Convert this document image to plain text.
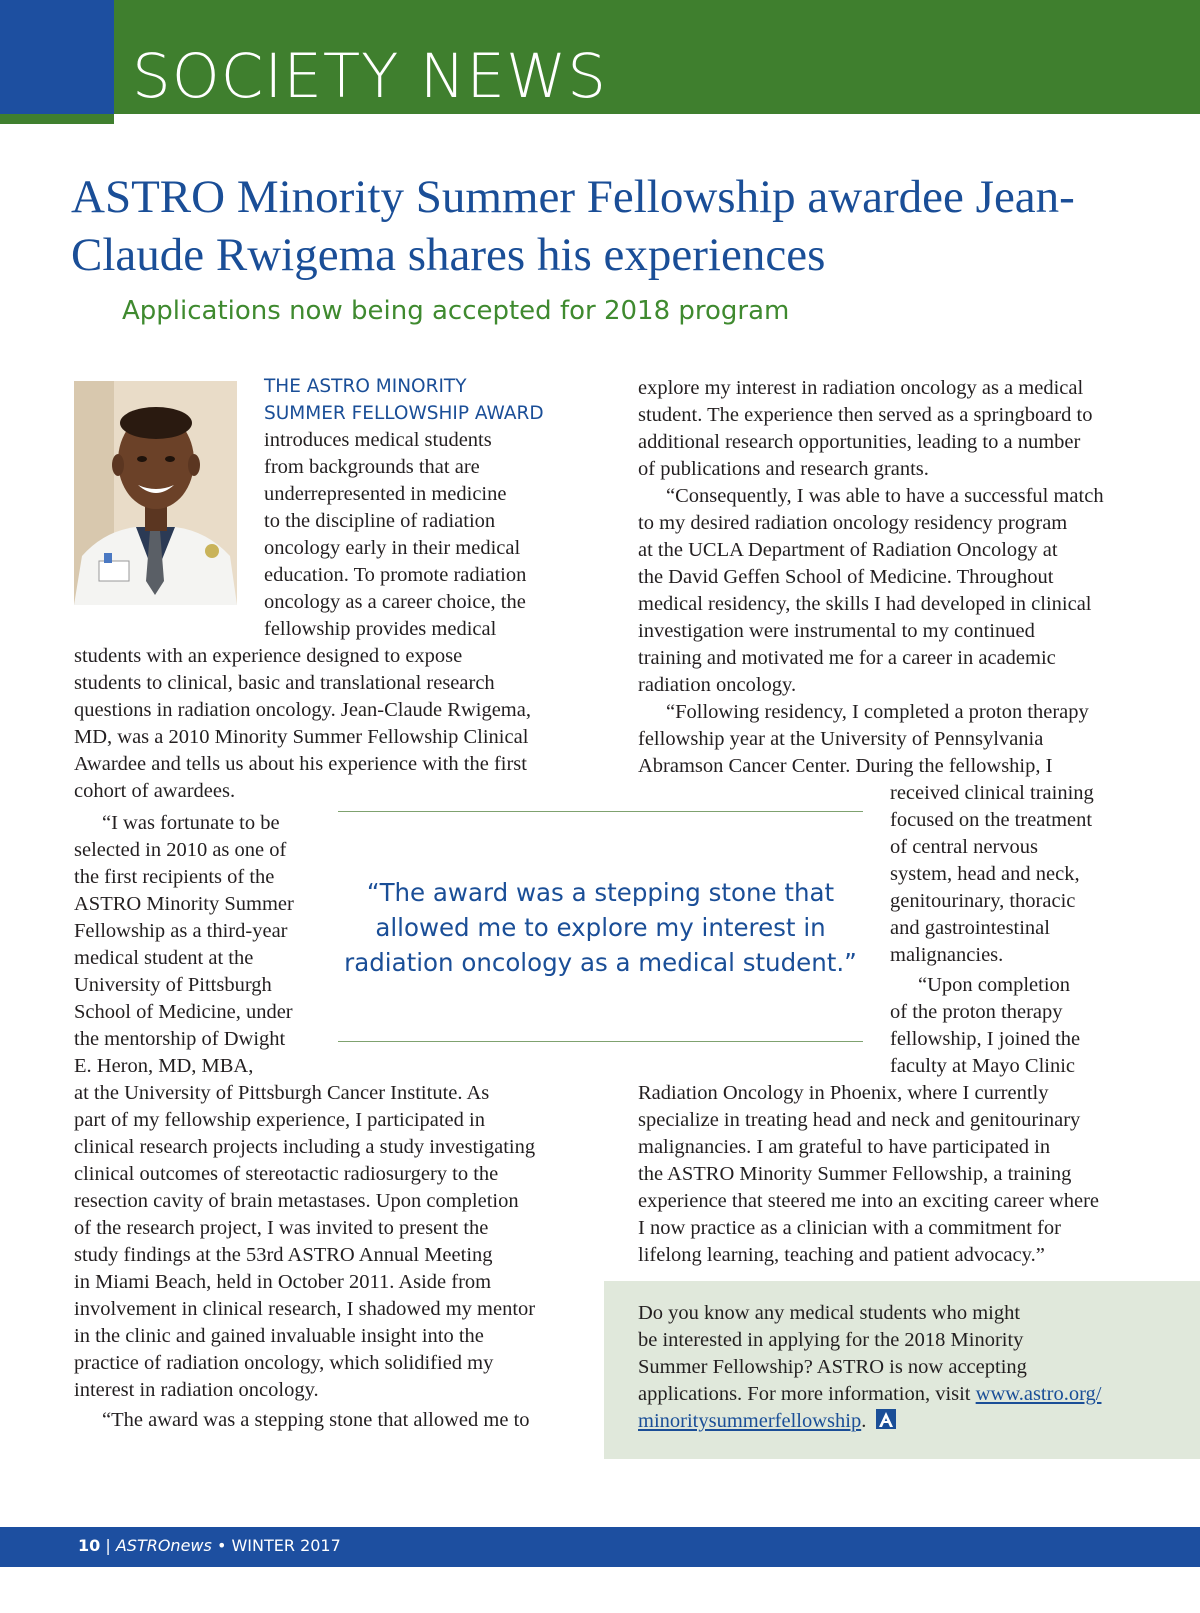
SOCIETY NEWS
ASTRO Minority Summer Fellowship awardee Jean-Claude Rwigema shares his experiences
Applications now being accepted for 2018 program
THE ASTRO MINORITY
SUMMER FELLOWSHIP AWARD

introduces medical students

from backgrounds that are

underrepresented in medicine

to the discipline of radiation

oncology early in their medical

education. To promote radiation

oncology as a career choice, the

fellowship provides medical

students with an experience designed to expose

students to clinical, basic and translational research

questions in radiation oncology. Jean-Claude Rwigema,

MD, was a 2010 Minority Summer Fellowship Clinical

Awardee and tells us about his experience with the first

cohort of awardees.

“I was fortunate to be

selected in 2010 as one of

the first recipients of the

ASTRO Minority Summer

Fellowship as a third-year

medical student at the

University of Pittsburgh

School of Medicine, under

the mentorship of Dwight

E. Heron, MD, MBA,

at the University of Pittsburgh Cancer Institute. As

part of my fellowship experience, I participated in

clinical research projects including a study investigating

clinical outcomes of stereotactic radiosurgery to the

resection cavity of brain metastases. Upon completion

of the research project, I was invited to present the

study findings at the 53rd ASTRO Annual Meeting

in Miami Beach, held in October 2011. Aside from

involvement in clinical research, I shadowed my mentor

in the clinic and gained invaluable insight into the

practice of radiation oncology, which solidified my

interest in radiation oncology.

“The award was a stepping stone that allowed me to

explore my interest in radiation oncology as a medical

student. The experience then served as a springboard to

additional research opportunities, leading to a number

of publications and research grants.

“Consequently, I was able to have a successful match

to my desired radiation oncology residency program

at the UCLA Department of Radiation Oncology at

the David Geffen School of Medicine. Throughout

medical residency, the skills I had developed in clinical

investigation were instrumental to my continued

training and motivated me for a career in academic

radiation oncology.

“Following residency, I completed a proton therapy

fellowship year at the University of Pennsylvania

Abramson Cancer Center. During the fellowship, I

received clinical training

focused on the treatment

of central nervous

system, head and neck,

genitourinary, thoracic

and gastrointestinal

malignancies.

“Upon completion

of the proton therapy

fellowship, I joined the

faculty at Mayo Clinic

Radiation Oncology in Phoenix, where I currently

specialize in treating head and neck and genitourinary

malignancies. I am grateful to have participated in

the ASTRO Minority Summer Fellowship, a training

experience that steered me into an exciting career where

I now practice as a clinician with a commitment for

lifelong learning, teaching and patient advocacy.”

“The award was a stepping stone that
allowed me to explore my interest in
radiation oncology as a medical student.”
Do you know any medical students who might
be interested in applying for the 2018 Minority
Summer Fellowship? ASTRO is now accepting
applications. For more information, visit www.astro.org/
minoritysummerfellowship.
10 | ASTROnews • WINTER 2017
